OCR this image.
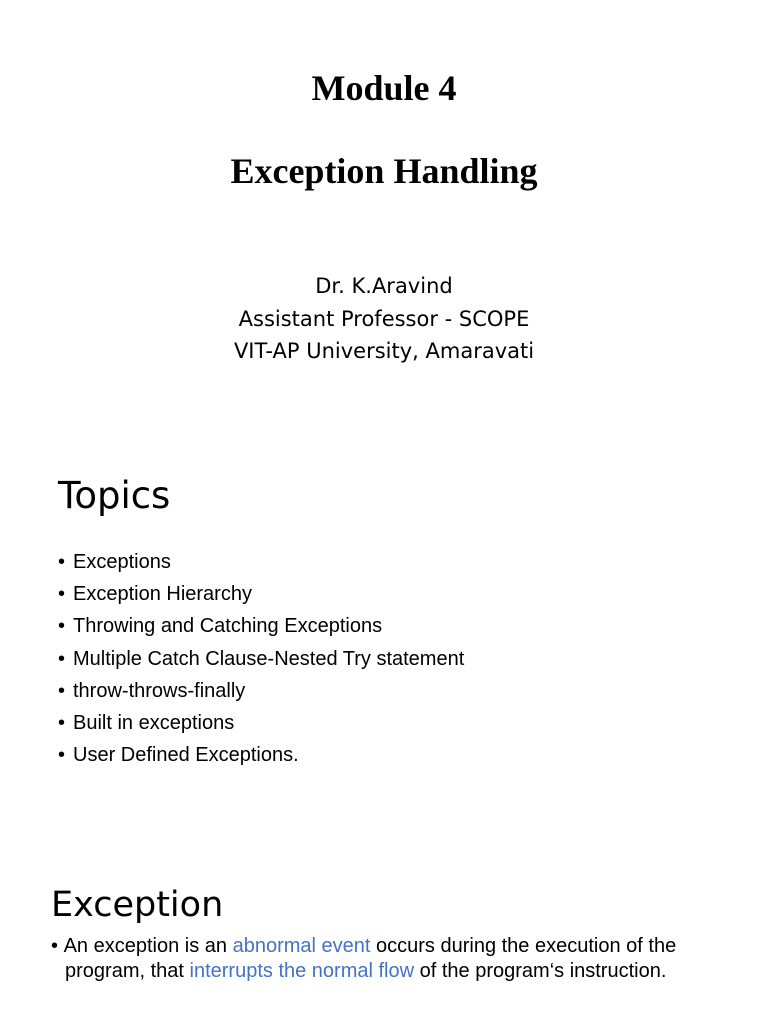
Module 4
Exception Handling
Dr. K.Aravind
Assistant Professor - SCOPE
VIT-AP University, Amaravati
Topics
• Exceptions
• Exception Hierarchy
• Throwing and Catching Exceptions
• Multiple Catch Clause-Nested Try statement
• throw-throws-finally
• Built in exceptions
• User Defined Exceptions.
Exception
• An exception is an abnormal event occurs during the execution of the
program, that interrupts the normal flow of the program‘s instruction.
